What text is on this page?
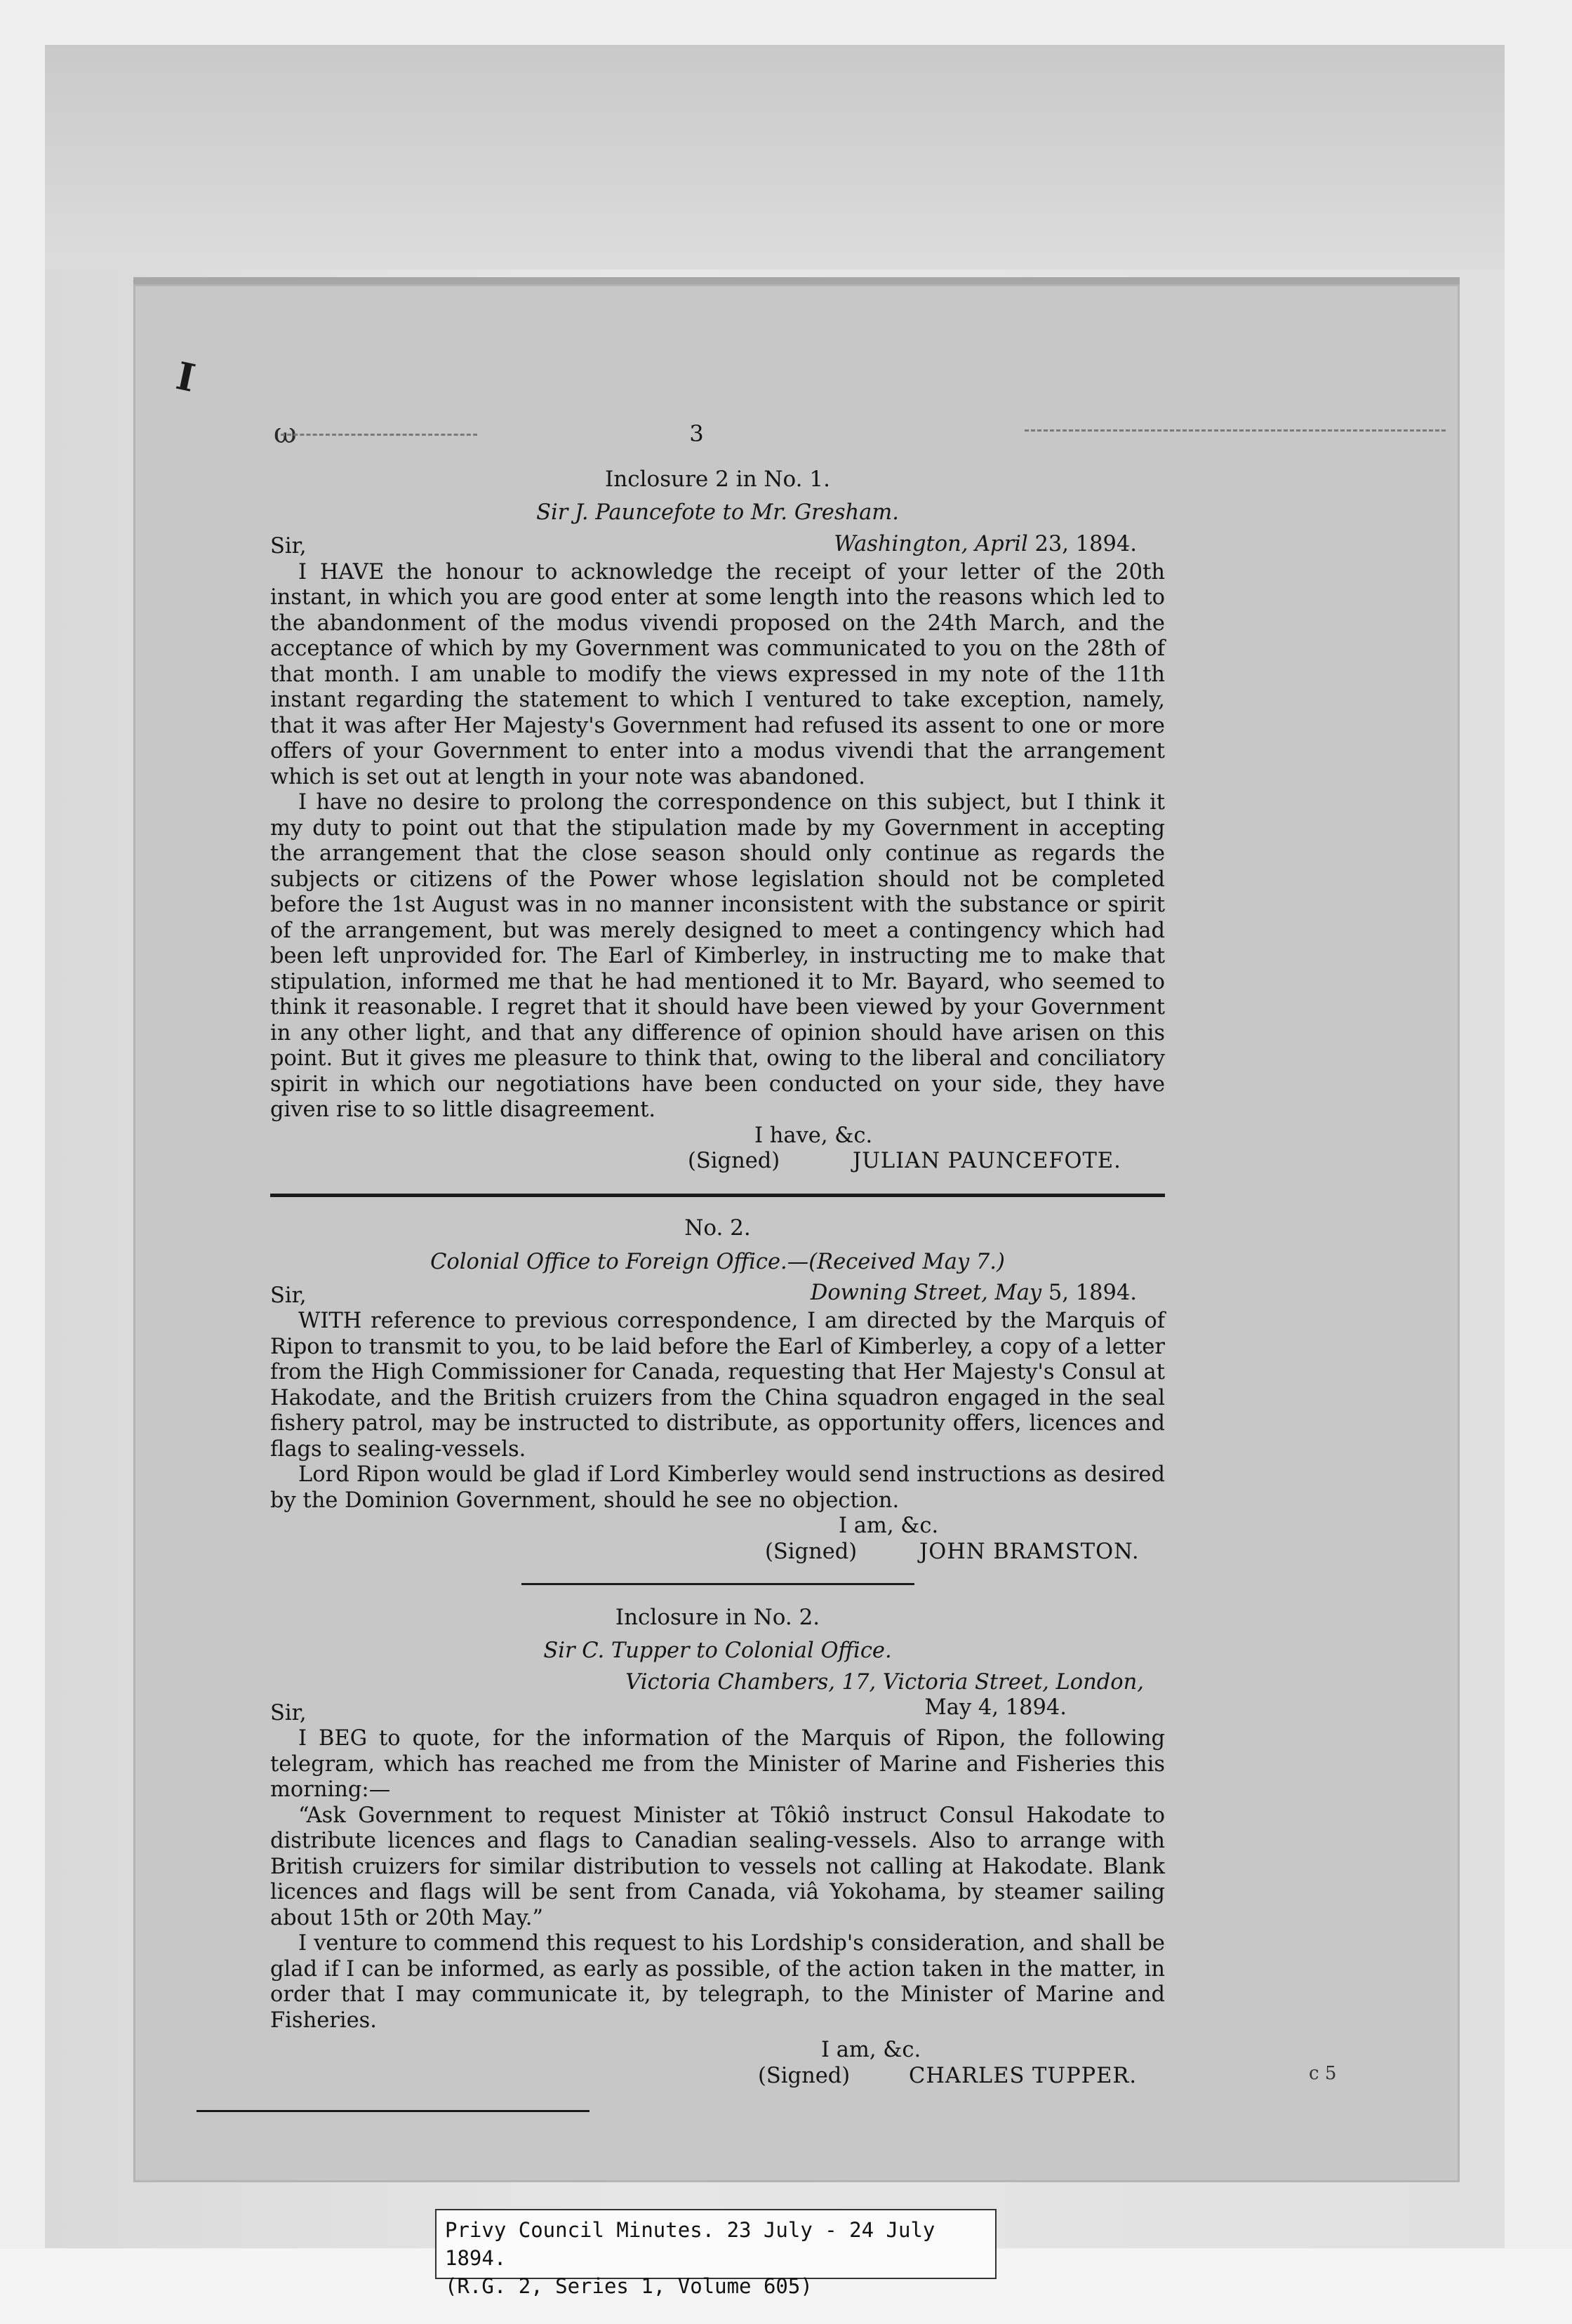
I
ω	3
Inclosure 2 in No. 1.
Sir J. Pauncefote to Mr. Gresham.
Sir,	Washington, April 23, 1894.

I HAVE the honour to acknowledge the receipt of your letter of the 20th instant, in which you are good enter at some length into the reasons which led to the abandonment of the modus vivendi proposed on the 24th March, and the acceptance of which by my Government was communicated to you on the 28th of that month. I am unable to modify the views expressed in my note of the 11th instant regarding the statement to which I ventured to take exception, namely, that it was after Her Majesty's Government had refused its assent to one or more offers of your Government to enter into a modus vivendi that the arrangement which is set out at length in your note was abandoned.

I have no desire to prolong the correspondence on this subject, but I think it my duty to point out that the stipulation made by my Government in accepting the arrangement that the close season should only continue as regards the subjects or citizens of the Power whose legislation should not be completed before the 1st August was in no manner inconsistent with the substance or spirit of the arrangement, but was merely designed to meet a contingency which had been left unprovided for. The Earl of Kimberley, in instructing me to make that stipulation, informed me that he had mentioned it to Mr. Bayard, who seemed to think it reasonable. I regret that it should have been viewed by your Government in any other light, and that any difference of opinion should have arisen on this point. But it gives me pleasure to think that, owing to the liberal and conciliatory spirit in which our negotiations have been conducted on your side, they have given rise to so little disagreement.

I have, &c.
(Signed)	JULIAN PAUNCEFOTE.
No. 2.
Colonial Office to Foreign Office.—(Received May 7.)
Sir,	Downing Street, May 5, 1894.

WITH reference to previous correspondence, I am directed by the Marquis of Ripon to transmit to you, to be laid before the Earl of Kimberley, a copy of a letter from the High Commissioner for Canada, requesting that Her Majesty's Consul at Hakodate, and the British cruizers from the China squadron engaged in the seal fishery patrol, may be instructed to distribute, as opportunity offers, licences and flags to sealing-vessels.

Lord Ripon would be glad if Lord Kimberley would send instructions as desired by the Dominion Government, should he see no objection.

I am, &c.
(Signed)	JOHN BRAMSTON.
Inclosure in No. 2.
Sir C. Tupper to Colonial Office.
Victoria Chambers, 17, Victoria Street, London,
Sir,	May 4, 1894.

I BEG to quote, for the information of the Marquis of Ripon, the following telegram, which has reached me from the Minister of Marine and Fisheries this morning:—

“Ask Government to request Minister at Tôkiô instruct Consul Hakodate to distribute licences and flags to Canadian sealing-vessels. Also to arrange with British cruizers for similar distribution to vessels not calling at Hakodate. Blank licences and flags will be sent from Canada, viâ Yokohama, by steamer sailing about 15th or 20th May.”

I venture to commend this request to his Lordship's consideration, and shall be glad if I can be informed, as early as possible, of the action taken in the matter, in order that I may communicate it, by telegraph, to the Minister of Marine and Fisheries.

I am, &c.
(Signed)	CHARLES TUPPER.	c 5
Privy Council Minutes. 23 July - 24 July 1894.
(R.G. 2, Series 1, Volume 605)
